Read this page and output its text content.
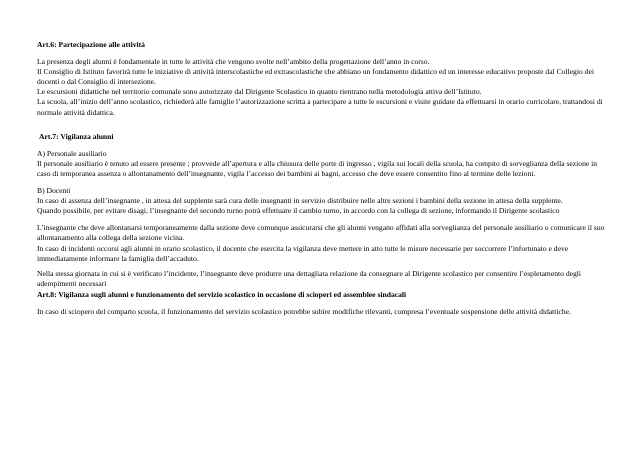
Art.6: Partecipazione alle attività

La presenza degli alunni è fondamentale in tutte le attività che vengono svolte nell’ambito della progettazione dell’anno in corso.

Il Consiglio di Istituto favorirà tutte le iniziative di attività interscolastiche ed extrascolastiche che abbiano un fondamento didattico ed un interesse educativo proposte dal Collegio dei docenti o dal Consiglio di intersezione.

Le escursioni didattiche nel territorio comunale sono autorizzate dal Dirigente Scolastico in quanto rientrano nella metodologia attiva dell’Istituto.

La scuola, all’inizio dell’anno scolastico, richiederà alle famiglie l’autorizzazione scritta a partecipare a tutte le escursioni e visite guidate da effettuarsi in orario curricolare, trattandosi di normale attività didattica.

Art.7: Vigilanza alunni

A) Personale ausiliario

Il personale ausiliario è tenuto ad essere presente ; provvede all’apertura e alla chiusura delle porte di ingresso , vigila sui locali della scuola, ha compito di sorveglianza della sezione in caso di temporanea assenza o allontanamento dell’insegnante, vigila l’accesso dei bambini ai bagni, accesso che deve essere consentito fino al termine delle lezioni.

B) Docenti

In caso di assenza dell’insegnante , in attesa del supplente sarà cura delle insegnanti in servizio distribuire nelle altre sezioni i bambini della sezione in attesa della supplente.

Quando possibile, per evitare disagi, l’insegnante del secondo turno potrà effettuare il cambio turno, in accordo con la collega di sezione, informando il Dirigente scolastico

L’insegnante che deve allontanarsi temporaneamente dalla sezione deve comunque assicurarsi che gli alunni vengano affidati alla sorveglianza del personale ausiliario o comunicare il suo allontanamento alla collega della sezione vicina.

In caso di incidenti occorsi agli alunni in orario scolastico, il docente che esercita la vigilanza deve mettere in atto tutte le misure necessarie per soccorrere l’infortunato e deve immediatamente informare la famiglia dell’accaduto.

Nella stessa giornata in cui si è verificato l’incidente, l’insegnante deve produrre una dettagliata relazione da consegnare al Dirigente scolastico per consentire l’espletamento degli adempimenti necessari

Art.8: Vigilanza sugli alunni e funzionamento del servizio scolastico in occasione di scioperi ed assemblee sindacali

In caso di sciopero del comparto scuola, il funzionamento del servizio scolastico potrebbe subire modifiche rilevanti, compresa l’eventuale sospensione delle attività didattiche.
